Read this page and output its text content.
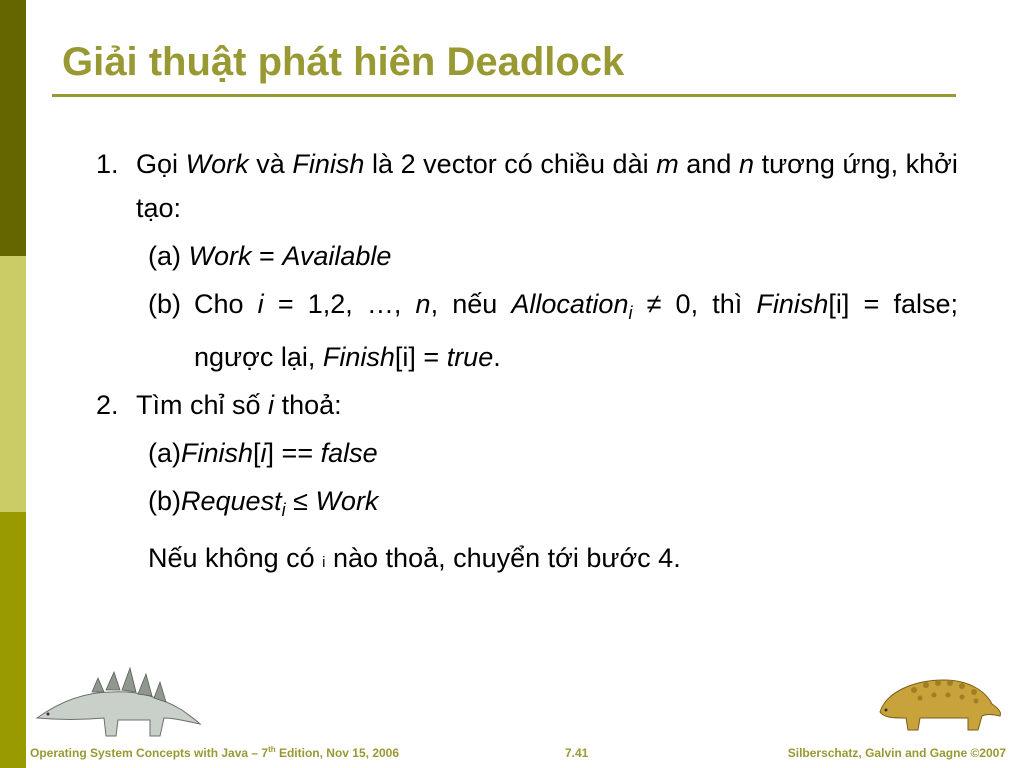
Giải thuật phát hiên Deadlock
1. Gọi Work và Finish là 2 vector có chiều dài m and n tương ứng, khởi tạo:
(a) Work = Available
(b) Cho i = 1,2, …, n, nếu Allocation$_i$ ≠ 0, thì Finish[i] = false; ngược lại, Finish[i] = true.
2. Tìm chỉ số i thoả:
(a)Finish[i] == false
(b)Request$_i$ ≤ Work
Nếu không có i nào thoả, chuyển tới bước 4.
Operating System Concepts with Java – 7th Edition, Nov 15, 2006	7.41	Silberschatz, Galvin and Gagne ©2007
